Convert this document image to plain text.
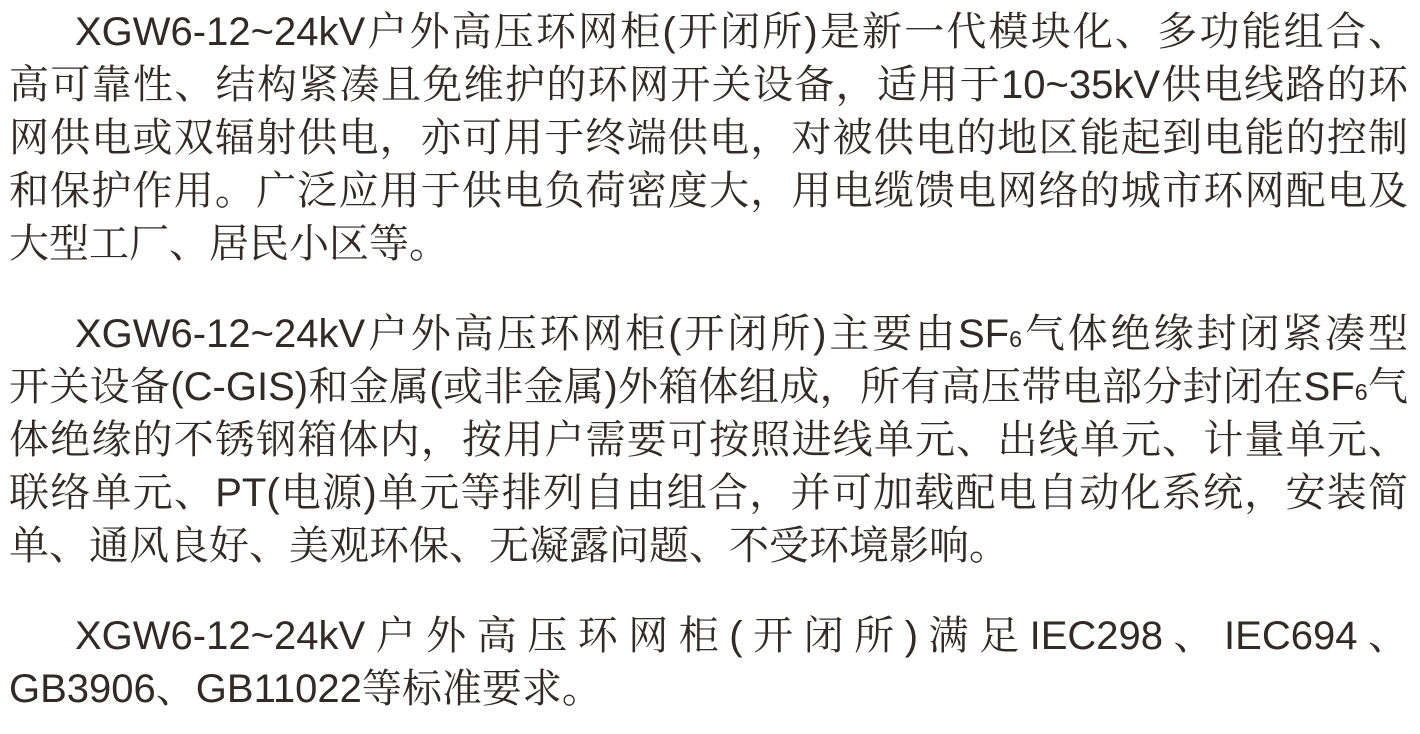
XGW6-12~24kV户外高压环网柜(开闭所)是新一代模块化、多功能组合、
高可靠性、结构紧凑且免维护的环网开关设备，适用于10~35kV供电线路的环
网供电或双辐射供电，亦可用于终端供电，对被供电的地区能起到电能的控制
和保护作用。广泛应用于供电负荷密度大，用电缆馈电网络的城市环网配电及
大型工厂、居民小区等。
XGW6-12~24kV户外高压环网柜(开闭所)主要由SF6气体绝缘封闭紧凑型
开关设备(C-GIS)和金属(或非金属)外箱体组成，所有高压带电部分封闭在SF6气
体绝缘的不锈钢箱体内，按用户需要可按照进线单元、出线单元、计量单元、
联络单元、PT(电源)单元等排列自由组合，并可加载配电自动化系统，安装简
单、通风良好、美观环保、无凝露问题、不受环境影响。
XGW6-12~24kV户外高压环网柜(开闭所)满足IEC298、IEC694、
GB3906、GB11022等标准要求。
